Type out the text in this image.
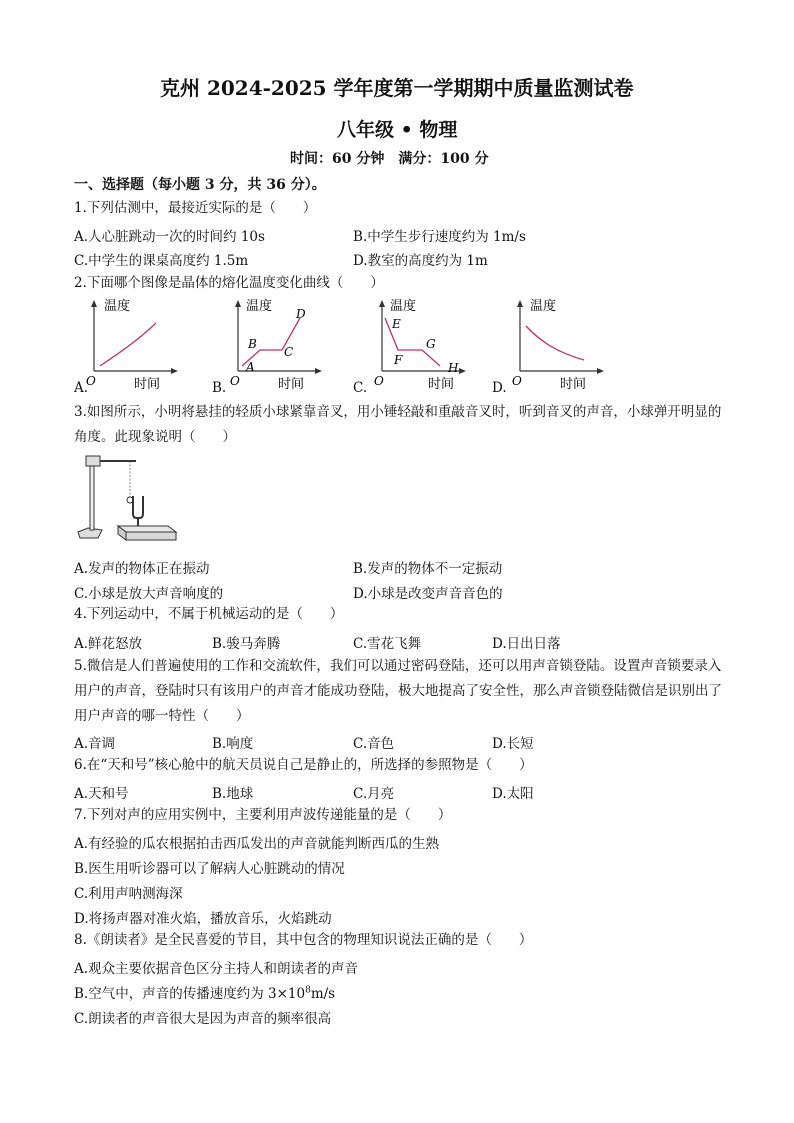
克州 2024-2025 学年度第一学期期中质量监测试卷
八年级 • 物理
时间：60 分钟　满分：100 分
一、选择题（每小题 3 分，共 36 分）。
1.下列估测中，最接近实际的是（　　）
A.人心脏跳动一次的时间约 10s	B.中学生步行速度约为 1m/s
C.中学生的课桌高度约 1.5m	D.教室的高度约为 1m
2.下面哪个图像是晶体的熔化温度变化曲线（　　）
A.
温度
O	时间	B.
温度
O	时间
A
B
C
D
C.
温度
O	时间
E
F
G
H
D.
温度
O	时间
3.如图所示，小明将悬挂的轻质小球紧靠音叉，用小锤轻敲和重敲音叉时，听到音叉的声音，小球弹开明显的角度。此现象说明（　　）
A.发声的物体正在振动	B.发声的物体不一定振动
C.小球是放大声音响度的	D.小球是改变声音音色的
4.下列运动中，不属于机械运动的是（　　）
A.鲜花怒放	B.骏马奔腾	C.雪花飞舞	D.日出日落
5.微信是人们普遍使用的工作和交流软件，我们可以通过密码登陆，还可以用声音锁登陆。设置声音锁要录入用户的声音，登陆时只有该用户的声音才能成功登陆，极大地提高了安全性，那么声音锁登陆微信是识别出了用户声音的哪一特性（　　）
A.音调	B.响度	C.音色	D.长短
6.在“天和号”核心舱中的航天员说自己是静止的，所选择的参照物是（　　）
A.天和号	B.地球	C.月亮	D.太阳
7.下列对声的应用实例中，主要利用声波传递能量的是（　　）
A.有经验的瓜农根据拍击西瓜发出的声音就能判断西瓜的生熟
B.医生用听诊器可以了解病人心脏跳动的情况
C.利用声呐测海深
D.将扬声器对准火焰，播放音乐，火焰跳动
8.《朗读者》是全民喜爱的节目，其中包含的物理知识说法正确的是（　　）
A.观众主要依据音色区分主持人和朗读者的声音
B.空气中，声音的传播速度约为 $3\times 10^8m/s$
C.朗读者的声音很大是因为声音的频率很高
